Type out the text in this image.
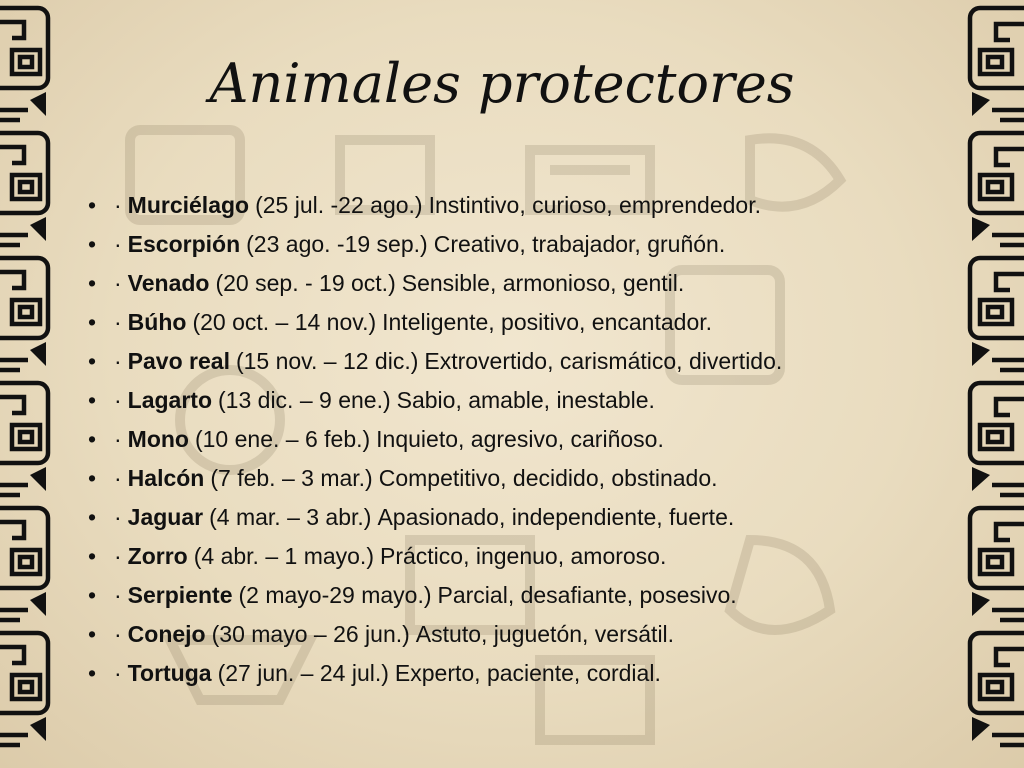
Animales protectores
• · Murciélago (25 jul. -22 ago.) Instintivo, curioso, emprendedor.
• · Escorpión (23 ago. -19 sep.) Creativo, trabajador, gruñón.
• · Venado (20 sep. - 19 oct.) Sensible, armonioso, gentil.
• · Búho (20 oct. – 14 nov.) Inteligente, positivo, encantador.
• · Pavo real (15 nov. – 12 dic.) Extrovertido, carismático, divertido.
• · Lagarto (13 dic. – 9 ene.) Sabio, amable, inestable.
• · Mono (10 ene. – 6 feb.) Inquieto, agresivo, cariñoso.
• · Halcón (7 feb. – 3 mar.) Competitivo, decidido, obstinado.
• · Jaguar (4 mar. – 3 abr.) Apasionado, independiente, fuerte.
• · Zorro (4 abr. – 1 mayo.) Práctico, ingenuo, amoroso.
• · Serpiente (2 mayo-29 mayo.) Parcial, desafiante, posesivo.
• · Conejo (30 mayo – 26 jun.) Astuto, juguetón, versátil.
• · Tortuga (27 jun. – 24 jul.) Experto, paciente, cordial.
